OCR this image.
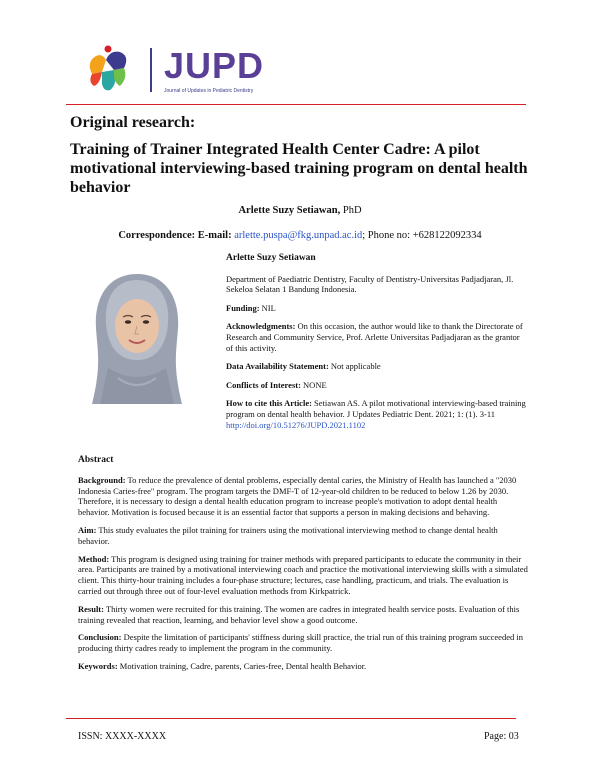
JUPD
Journal of Updates in Pediatric Dentistry
Original research:
Training of Trainer Integrated Health Center Cadre: A pilot motivational interviewing-based training program on dental health behavior
Arlette Suzy Setiawan, PhD
Correspondence: E-mail: arlette.puspa@fkg.unpad.ac.id; Phone no: +628122092334

Arlette Suzy Setiawan

Department of Paediatric Dentistry, Faculty of Dentistry-Universitas Padjadjaran, Jl. Sekeloa Selatan 1 Bandung Indonesia.

Funding: NIL

Acknowledgments: On this occasion, the author would like to thank the Directorate of Research and Community Service, Prof. Arlette Universitas Padjadjaran as the grantor of this activity.

Data Availability Statement: Not applicable

Conflicts of Interest: NONE

How to cite this Article: Setiawan AS. A pilot motivational interviewing-based training program on dental health behavior. J Updates Pediatric Dent. 2021; 1: (1). 3-11 http://doi.org/10.51276/JUPD.2021.1102

Abstract

Background: To reduce the prevalence of dental problems, especially dental caries, the Ministry of Health has launched a "2030 Indonesia Caries-free" program. The program targets the DMF-T of 12-year-old children to be reduced to below 1.26 by 2030. Therefore, it is necessary to design a dental health education program to increase people's motivation to adopt dental health behavior. Motivation is focused because it is an essential factor that supports a person in making decisions and behaving.

Aim: This study evaluates the pilot training for trainers using the motivational interviewing method to change dental health behavior.

Method: This program is designed using training for trainer methods with prepared participants to educate the community in their area. Participants are trained by a motivational interviewing coach and practice the motivational interviewing skills with a simulated client. This thirty-hour training includes a four-phase structure; lectures, case handling, practicum, and trials. The evaluation is carried out through three out of four-level evaluation methods from Kirkpatrick.

Result: Thirty women were recruited for this training. The women are cadres in integrated health service posts. Evaluation of this training revealed that reaction, learning, and behavior level show a good outcome.

Conclusion: Despite the limitation of participants' stiffness during skill practice, the trial run of this training program succeeded in producing thirty cadres ready to implement the program in the community.

Keywords: Motivation training, Cadre, parents, Caries-free, Dental health Behavior.

ISSN: XXXX-XXXX	Page: 03
